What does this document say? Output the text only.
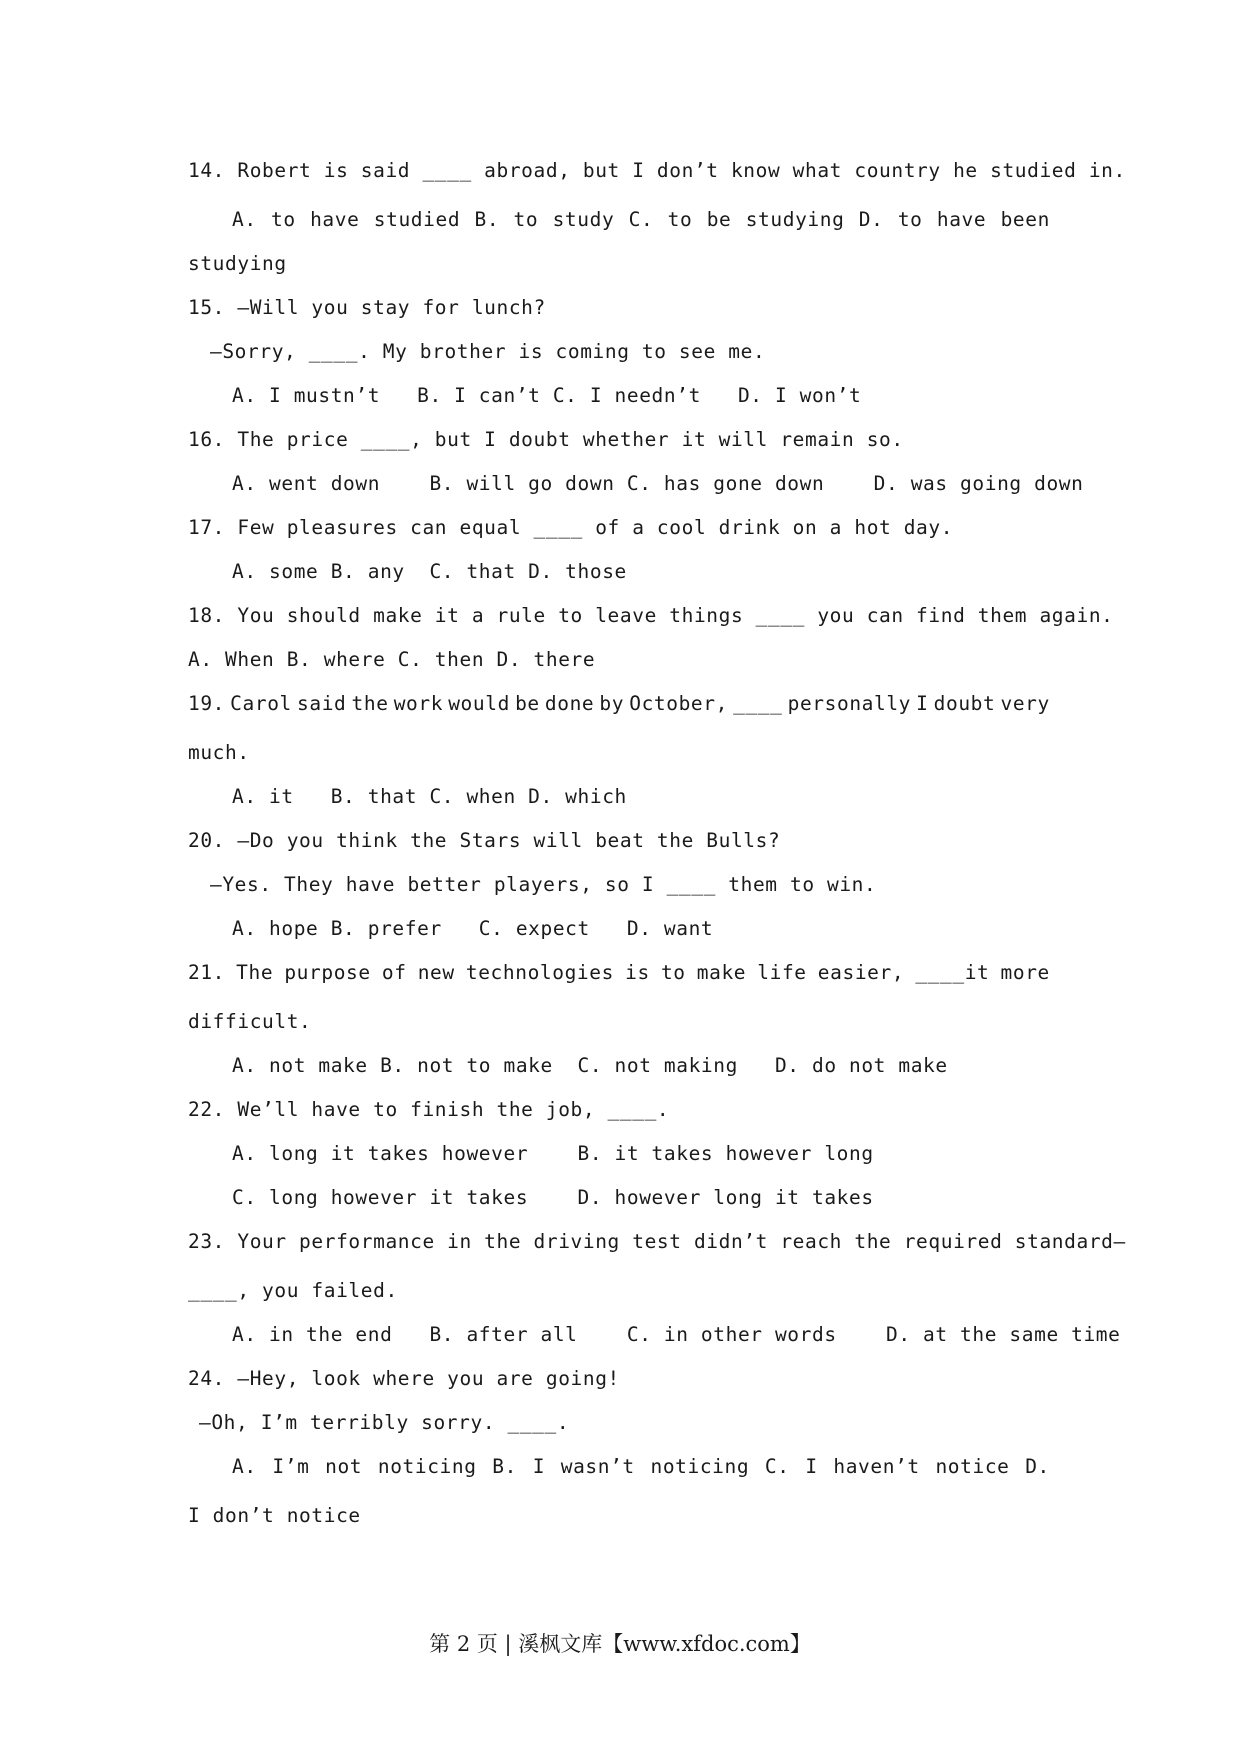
14. Robert is said ____ abroad, but I don’t know what country he studied in.
A. to have studied B. to study C. to be studying D. to have been
studying
15. —Will you stay for lunch?
—Sorry, ____. My brother is coming to see me.
A. I mustn’t   B. I can’t C. I needn’t   D. I won’t
16. The price ____, but I doubt whether it will remain so.
A. went down    B. will go down C. has gone down    D. was going down
17. Few pleasures can equal ____ of a cool drink on a hot day.
A. some B. any  C. that D. those
18. You should make it a rule to leave things ____ you can find them again.
A. When B. where C. then D. there
19. Carol said the work would be done by October, ____ personally I doubt very
much.
A. it   B. that C. when D. which
20. —Do you think the Stars will beat the Bulls?
—Yes. They have better players, so I ____ them to win.
A. hope B. prefer   C. expect   D. want
21. The purpose of new technologies is to make life easier, ____it more
difficult.
A. not make B. not to make  C. not making   D. do not make
22. We’ll have to finish the job, ____.
A. long it takes however    B. it takes however long
C. long however it takes    D. however long it takes
23. Your performance in the driving test didn’t reach the required standard—
____, you failed.
A. in the end   B. after all    C. in other words    D. at the same time
24. —Hey, look where you are going!
—Oh, I’m terribly sorry. ____.
A. I’m not noticing B. I wasn’t noticing C. I haven’t notice D.
I don’t notice
第 2 页 | 溪枫文库【www.xfdoc.com】
